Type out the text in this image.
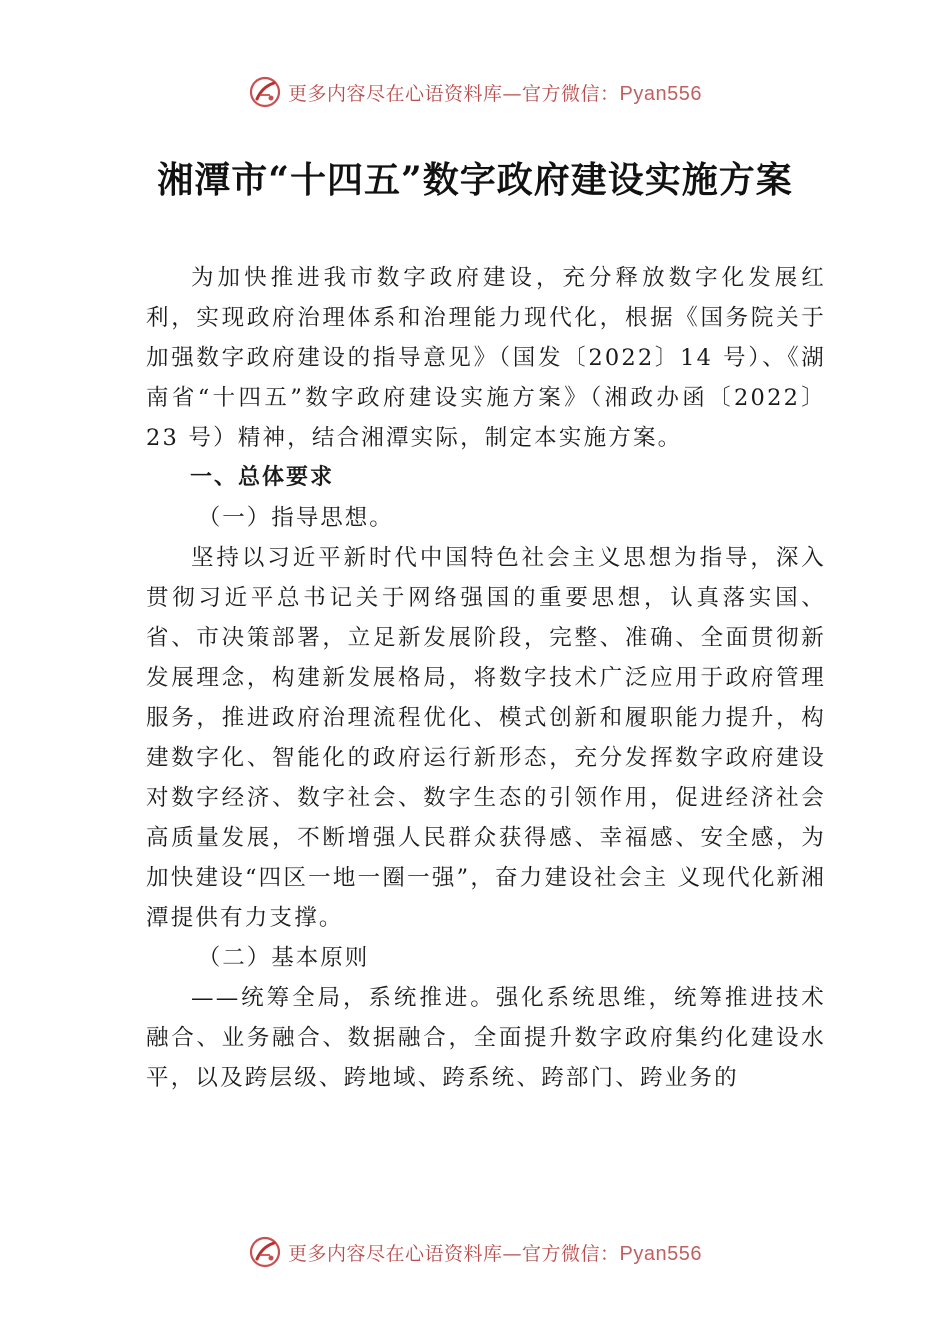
更多内容尽在心语资料库—官方微信：Pyan556
湘潭市“十四五”数字政府建设实施方案

为加快推进我市数字政府建设，充分释放数字化发展红利，实现政府治理体系和治理能力现代化，根据《国务院关于加强数字政府建设的指导意见》（国发〔2022〕14 号）、《湖南省“十四五”数字政府建设实施方案》（湘政办函〔2022〕23 号）精神，结合湘潭实际，制定本实施方案。

一、总体要求

（一）指导思想。

坚持以习近平新时代中国特色社会主义思想为指导，深入贯彻习近平总书记关于网络强国的重要思想，认真落实国、省、市决策部署，立足新发展阶段，完整、准确、全面贯彻新发展理念，构建新发展格局，将数字技术广泛应用于政府管理服务，推进政府治理流程优化、模式创新和履职能力提升，构建数字化、智能化的政府运行新形态，充分发挥数字政府建设对数字经济、数字社会、数字生态的引领作用，促进经济社会高质量发展，不断增强人民群众获得感、幸福感、安全感，为加快建设“四区一地一圈一强”，奋力建设社会主 义现代化新湘潭提供有力支撑。

（二）基本原则

——统筹全局，系统推进。强化系统思维，统筹推进技术融合、业务融合、数据融合，全面提升数字政府集约化建设水平，以及跨层级、跨地域、跨系统、跨部门、跨业务的

更多内容尽在心语资料库—官方微信：Pyan556
